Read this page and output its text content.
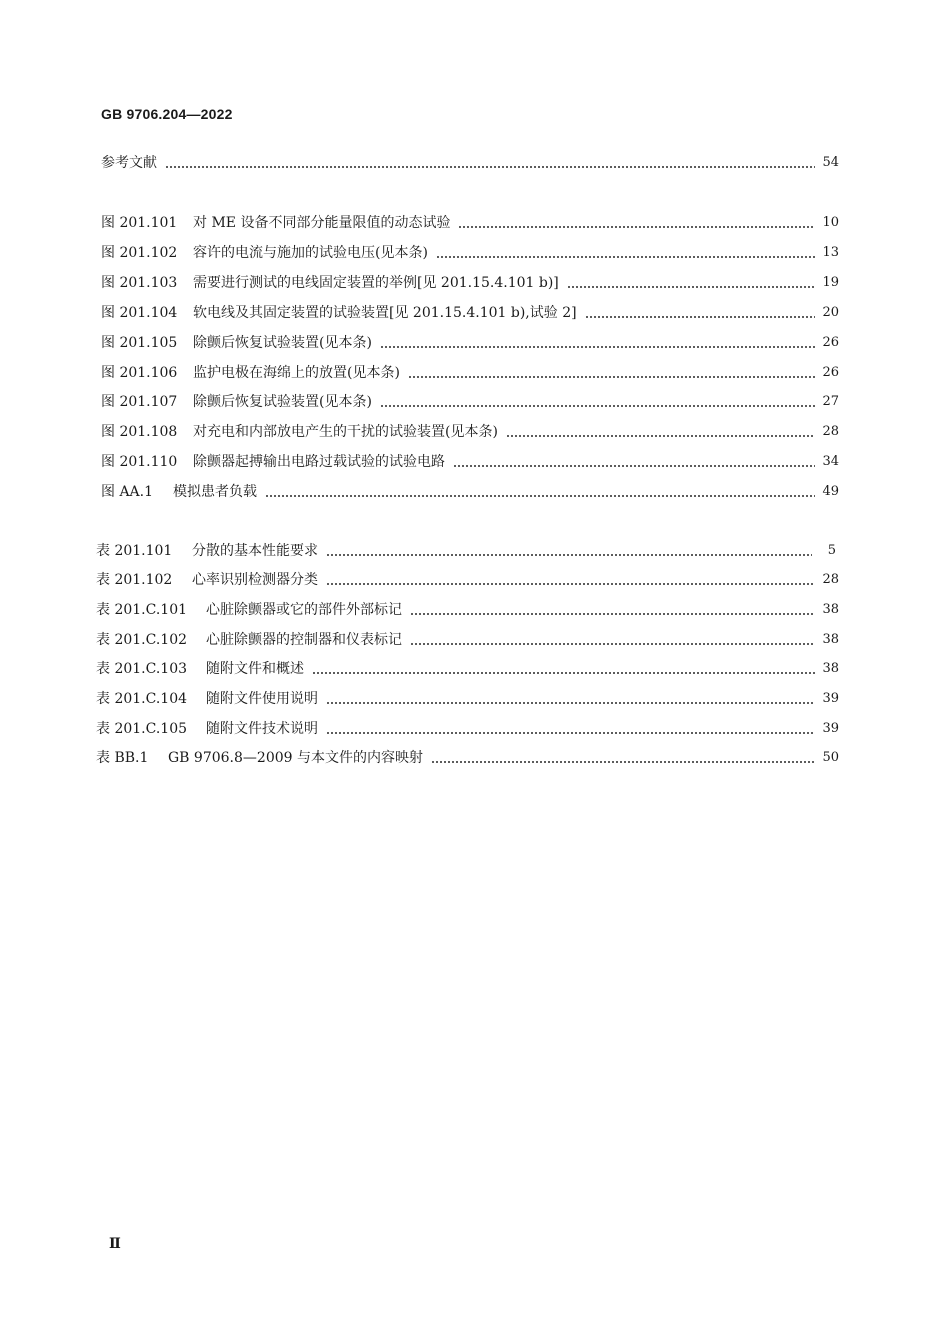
GB 9706.204—2022
参考文献	54
图 201.101	对 ME 设备不同部分能量限值的动态试验	10
图 201.102	容许的电流与施加的试验电压(见本条)	13
图 201.103	需要进行测试的电线固定装置的举例[见 201.15.4.101 b)]	19
图 201.104	软电线及其固定装置的试验装置[见 201.15.4.101 b),试验 2]	20
图 201.105	除颤后恢复试验装置(见本条)	26
图 201.106	监护电极在海绵上的放置(见本条)	26
图 201.107	除颤后恢复试验装置(见本条)	27
图 201.108	对充电和内部放电产生的干扰的试验装置(见本条)	28
图 201.110	除颤器起搏输出电路过载试验的试验电路	34
图 AA.1	模拟患者负载	49
表 201.101	分散的基本性能要求	5
表 201.102	心率识别检测器分类	28
表 201.C.101	心脏除颤器或它的部件外部标记	38
表 201.C.102	心脏除颤器的控制器和仪表标记	38
表 201.C.103	随附文件和概述	38
表 201.C.104	随附文件使用说明	39
表 201.C.105	随附文件技术说明	39
表 BB.1	GB 9706.8—2009 与本文件的内容映射	50
Ⅱ
